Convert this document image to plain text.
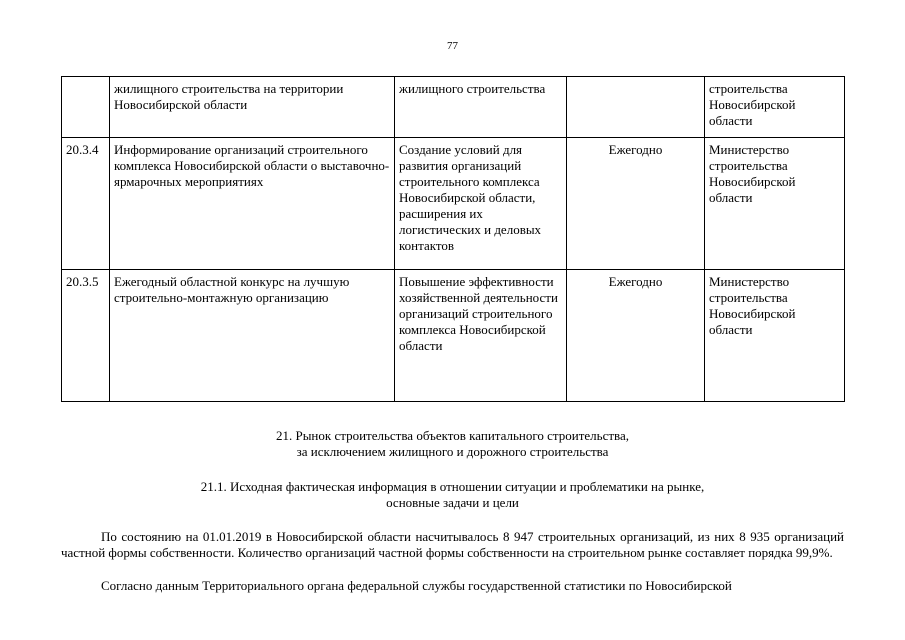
77
	жилищного строительства на территории Новосибирской области	жилищного строительства		строительства Новосибирской области
20.3.4	Информирование организаций строительного комплекса Новосибирской области о выставочно-ярмарочных мероприятиях	Создание условий для развития организаций строительного комплекса Новосибирской области, расширения их логистических и деловых контактов	Ежегодно	Министерство строительства Новосибирской области
20.3.5	Ежегодный областной конкурс на лучшую строительно-монтажную организацию	Повышение эффективности хозяйственной деятельности организаций строительного комплекса Новосибирской области	Ежегодно	Министерство строительства Новосибирской области
21. Рынок строительства объектов капитального строительства,
за исключением жилищного и дорожного строительства
21.1. Исходная фактическая информация в отношении ситуации и проблематики на рынке,
основные задачи и цели
По состоянию на 01.01.2019 в Новосибирской области насчитывалось 8 947 строительных организаций, из них 8 935 организаций частной формы собственности. Количество организаций частной формы собственности на строительном рынке составляет порядка 99,9%.
Согласно данным Территориального органа федеральной службы государственной статистики по Новосибирской
